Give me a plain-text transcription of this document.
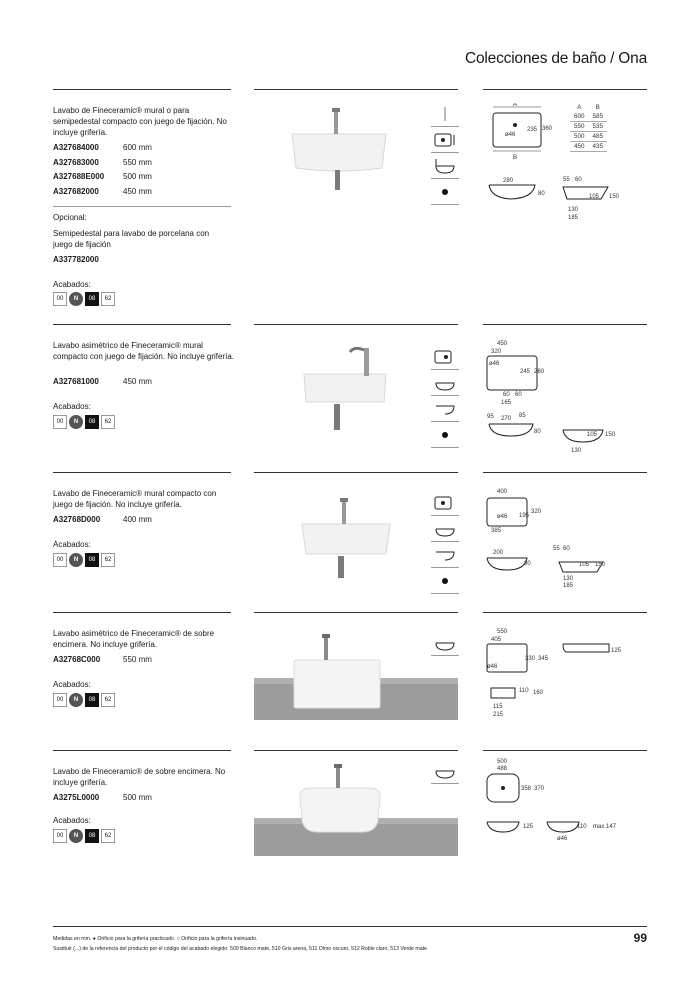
Colecciones de baño / Ona
Lavabo de Fineceramic® mural o para semipedestal compacto con juego de fijación. No incluye grifería.
A327684000	600 mm
A327683000	550 mm
A327688E000	500 mm
A327682000	450 mm
Opcional:
Semipedestal para lavabo de porcelana con juego de fijación
A337782000
Acabados:
00	N	08	62
A
ø46
235 360
B
280
80
55 60
105 150
130
185
A	B
600	585
550	535
500	485
450	435
Lavabo asimétrico de Fineceramic® mural compacto con juego de fijación. No incluye grifería.
A327681000	450 mm
Acabados:
00	N	08	62
450
320
ø46
245 260
60 60
165
95 270 85
80	105 150
130
Lavabo de Fineceramic® mural compacto con juego de fijación. No incluye grifería.
A32768D000	400 mm
Acabados:
00	N	08	62
400
ø46 195
320
385
200
80
55 60
105 150
130
185
Lavabo asimétrico de Fineceramic® de sobre encimera. No incluye grifería.
A32768C000	550 mm
Acabados:
00	N	08	62
550
405
ø46
330 345
125
110 160
115
215
Lavabo de Fineceramic® de sobre encimera. No incluye grifería.
A3275L0000	500 mm
Acabados:
00	N	08	62
500
488
358 370
125	110 max.147
ø46
Medidas en mm. ● Orificio para la grifería practicado. ○ Orificio para la grifería insinuado.
Sustituir (...) de la referencia del producto por el código del acabado elegido: 509 Blanco mate, 510 Gris arena, 511 Olmo oscuro, 512 Roble claro, 513 Verde mate
99
